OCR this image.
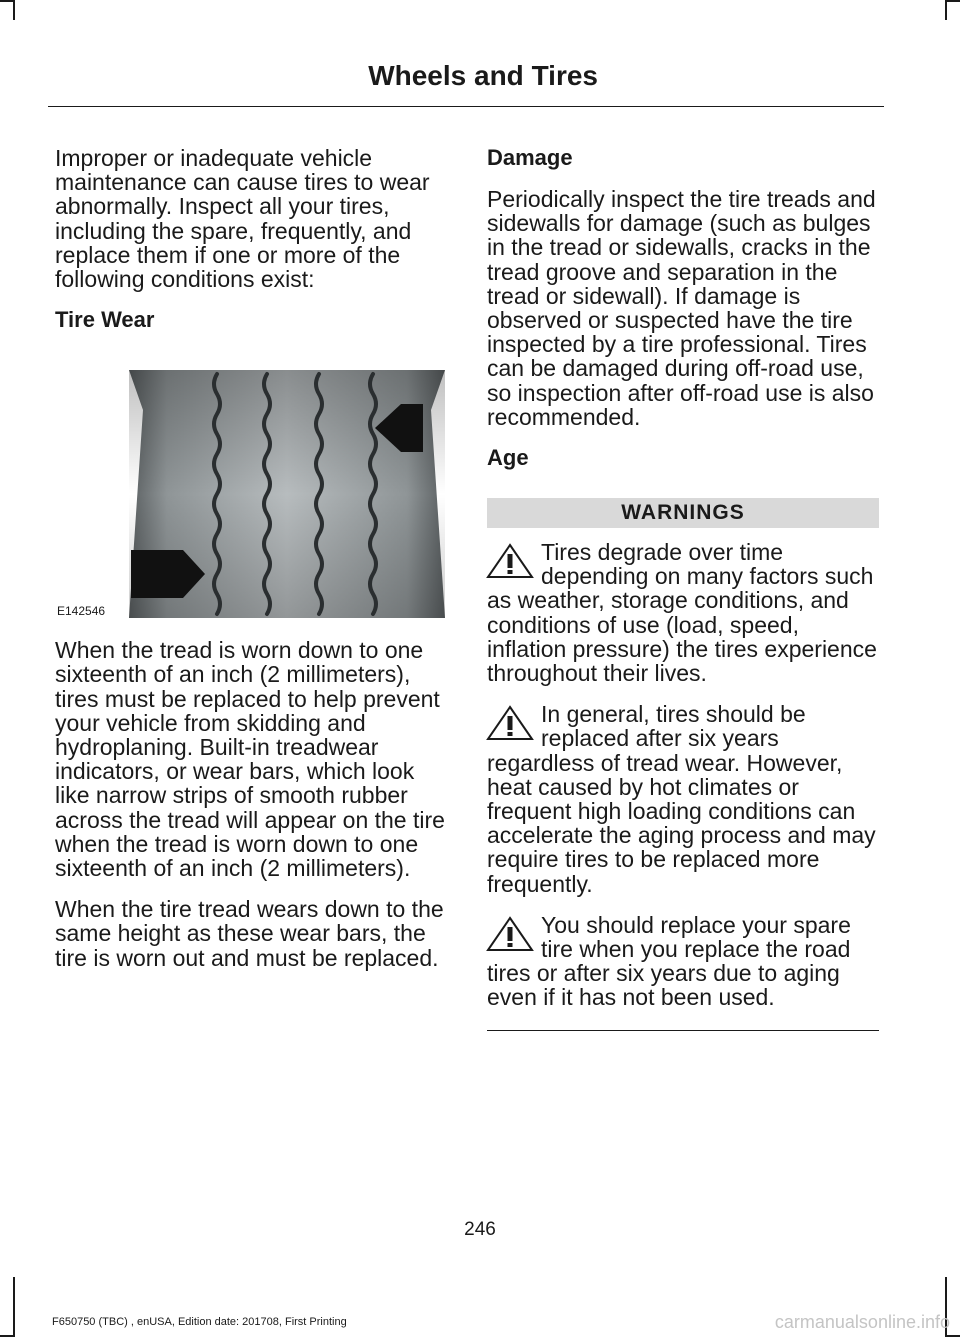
Wheels and Tires

Improper or inadequate vehicle maintenance can cause tires to wear abnormally. Inspect all your tires, including the spare, frequently, and replace them if one or more of the following conditions exist:

Tire Wear
E142546

When the tread is worn down to one sixteenth of an inch (2 millimeters), tires must be replaced to help prevent your vehicle from skidding and hydroplaning. Built-in treadwear indicators, or wear bars, which look like narrow strips of smooth rubber across the tread will appear on the tire when the tread is worn down to one sixteenth of an inch (2 millimeters).

When the tire tread wears down to the same height as these wear bars, the tire is worn out and must be replaced.

Damage

Periodically inspect the tire treads and sidewalls for damage (such as bulges in the tread or sidewalls, cracks in the tread groove and separation in the tread or sidewall). If damage is observed or suspected have the tire inspected by a tire professional. Tires can be damaged during off-road use, so inspection after off-road use is also recommended.

Age
WARNINGS

Tires degrade over time depending on many factors such as weather, storage conditions, and conditions of use (load, speed, inflation pressure) the tires experience throughout their lives.

In general, tires should be replaced after six years regardless of tread wear. However, heat caused by hot climates or frequent high loading conditions can accelerate the aging process and may require tires to be replaced more frequently.

You should replace your spare tire when you replace the road tires or after six years due to aging even if it has not been used.

246
F650750 (TBC) , enUSA, Edition date: 201708, First Printing	carmanualsonline.info
